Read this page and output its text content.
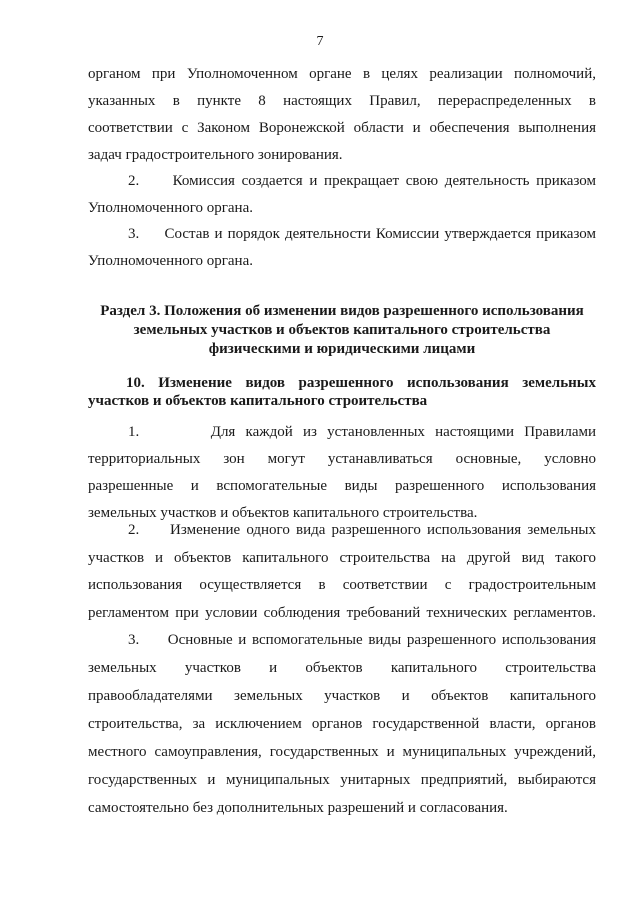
7
органом при Уполномоченном органе в целях реализации полномочий,
указанных в пункте 8 настоящих Правил, перераспределенных в
соответствии с Законом Воронежской области и обеспечения выполнения
задач градостроительного зонирования.
2.     Комиссия создается и прекращает свою деятельность приказом
Уполномоченного органа.
3.     Состав и порядок деятельности Комиссии утверждается приказом
Уполномоченного органа.
Раздел 3. Положения об изменении видов разрешенного использования
земельных участков и объектов капитального строительства
физическими и юридическими лицами
10. Изменение видов разрешенного использования земельных
участков и объектов капитального строительства
1.       Для каждой из установленных настоящими Правилами
территориальных зон могут устанавливаться основные, условно
разрешенные и вспомогательные виды разрешенного использования
земельных участков и объектов капитального строительства.
2.     Изменение одного вида разрешенного использования земельных
участков и объектов капитального строительства на другой вид такого
использования осуществляется в соответствии с градостроительным
регламентом при условии соблюдения требований технических регламентов.
3.     Основные и вспомогательные виды разрешенного использования
земельных участков и объектов капитального строительства
правообладателями земельных участков и объектов капитального
строительства, за исключением органов государственной власти, органов
местного самоуправления, государственных и муниципальных учреждений,
государственных и муниципальных унитарных предприятий, выбираются
самостоятельно без дополнительных разрешений и согласования.
